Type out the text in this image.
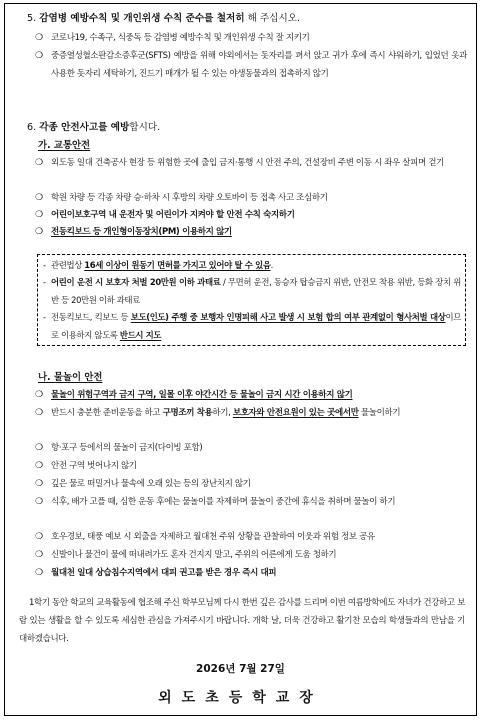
5. 감염병 예방수칙 및 개인위생 수칙 준수를 철저히 해 주십시오.
❍ 코로나19, 수족구, 식중독 등 감염병 예방수칙 및 개인위생 수칙 잘 지키기
❍ 중증열성혈소판감소증후군(SFTS) 예방을 위해 야외에서는 돗자리를 펴서 앉고 귀가 후에 즉시 샤워하기, 입었던 옷과 사용한 돗자리 세탁하기, 진드기 매개가 될 수 있는 야생동물과의 접촉하지 않기
6. 각종 안전사고를 예방합시다.
가. 교통안전
❍ 외도동 일대 건축공사 현장 등 위험한 곳에 출입 금지·통행 시 안전 주의, 건설장비 주변 이동 시 좌우 살피며 걷기
❍ 학원 차량 등 각종 차량 승·하차 시 후방의 차량 오토바이 등 접촉 사고 조심하기
❍ 어린이보호구역 내 운전자 및 어린이가 지켜야 할 안전 수칙 숙지하기
❍ 전동킥보드 등 개인형이동장치(PM) 이용하지 않기
- 관련법상 16세 이상이 원동기 면허를 가지고 있어야 탈 수 있음.
- 어린이 운전 시 보호자 처벌 20만원 이하 과태료 / 무면허 운전, 동승자 탑승금지 위반, 안전모 착용 위반, 등화 장치 위반 등 20만원 이하 과태료
- 전동킥보드, 킥보드 등 보도(인도) 주행 중 보행자 인명피해 사고 발생 시 보험 합의 여부 관계없이 형사처벌 대상이므로 이용하지 않도록 반드시 지도
나. 물놀이 안전
❍ 물놀이 위험구역과 금지 구역, 일몰 이후 야간시간 등 물놀이 금지 시간 이용하지 않기
❍ 반드시 충분한 준비운동을 하고 구명조끼 착용하기, 보호자와 안전요원이 있는 곳에서만 물놀이하기
❍ 항·포구 등에서의 물놀이 금지(다이빙 포함)
❍ 안전 구역 벗어나지 않기
❍ 깊은 물로 떠밀거나 물속에 오래 있는 등의 장난치지 않기
❍ 식후, 배가 고플 때, 심한 운동 후에는 물놀이를 자제하며 물놀이 중간에 휴식을 취하며 물놀이 하기
❍ 호우경보, 태풍 예보 시 외출을 자제하고 월대천 주위 상황을 관찰하여 이웃과 위험 정보 공유
❍ 신발이나 물건이 물에 떠내려가도 혼자 건지지 말고, 주위의 어른에게 도움 청하기
❍ 월대천 일대 상습침수지역에서 대피 권고를 받은 경우 즉시 대피
1학기 동안 학교의 교육활동에 협조해 주신 학부모님께 다시 한번 깊은 감사를 드리며 이번 여름방학에도 자녀가 건강하고 보람 있는 생활을 할 수 있도록 세심한 관심을 가져주시기 바랍니다. 개학 날, 더욱 건강하고 활기찬 모습의 학생들과의 만남을 기대하겠습니다.
2026년 7월 27일
외도초등학교장
